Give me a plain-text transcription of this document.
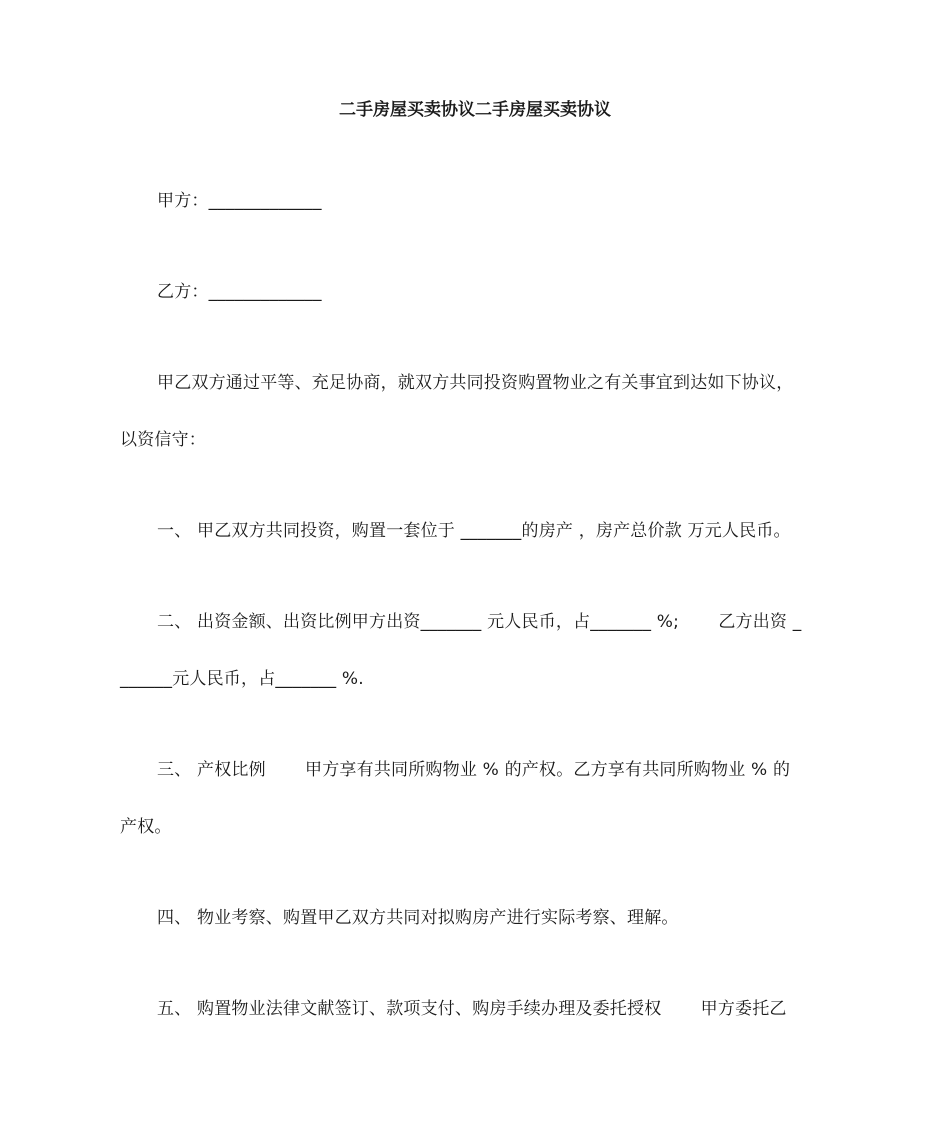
二手房屋买卖协议二手房屋买卖协议
甲方：_____________
乙方：_____________
甲乙双方通过平等、充足协商，就双方共同投资购置物业之有关事宜到达如下协议，
以资信守：
一、 甲乙双方共同投资，购置一套位于 _______的房产 ，房产总价款 万元人民币。
二、 出资金额、出资比例甲方出资_______ 元人民币，占_______ %;       乙方出资 _
______元人民币，占_______ %.
三、 产权比例       甲方享有共同所购物业 % 的产权。乙方享有共同所购物业 % 的
产权。
四、 物业考察、购置甲乙双方共同对拟购房产进行实际考察、理解。
五、 购置物业法律文献签订、款项支付、购房手续办理及委托授权       甲方委托乙
